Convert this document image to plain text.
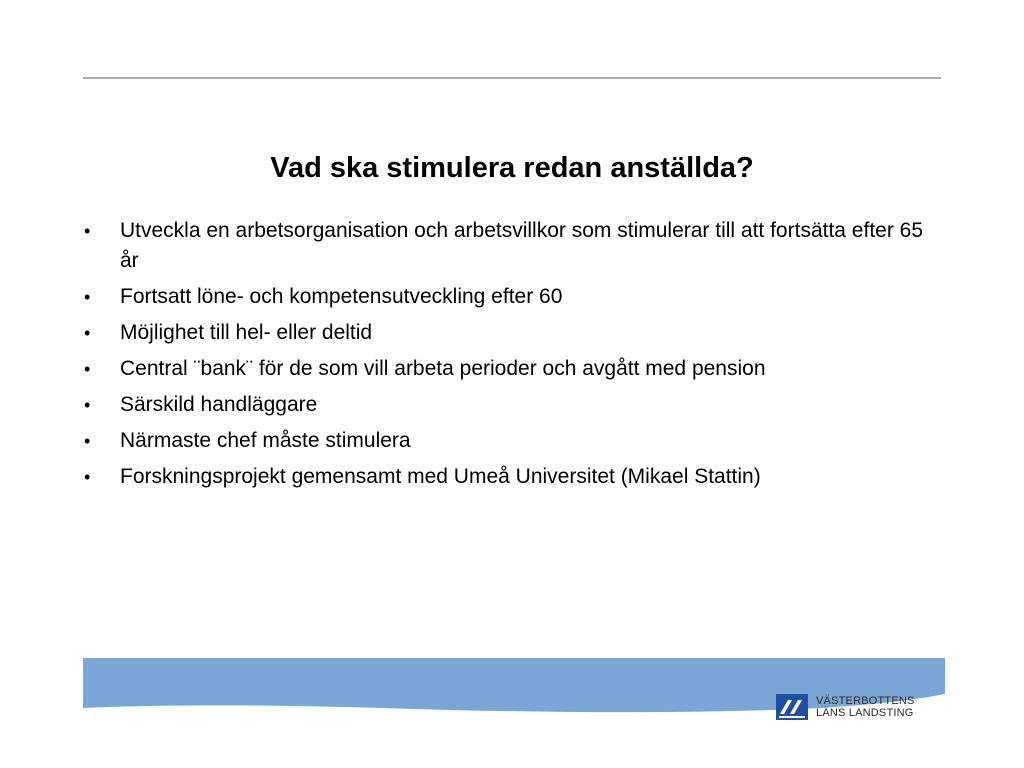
Vad ska stimulera redan anställda?
•	Utveckla en arbetsorganisation och arbetsvillkor som stimulerar till att fortsätta efter 65 år
•	Fortsatt löne- och kompetensutveckling efter 60
•	Möjlighet till hel- eller deltid
•	Central ¨bank¨ för de som vill arbeta perioder och avgått med pension
•	Särskild handläggare
•	Närmaste chef måste stimulera
•	Forskningsprojekt gemensamt med Umeå Universitet (Mikael Stattin)
VÄSTERBOTTENS
LÄNS LANDSTING
